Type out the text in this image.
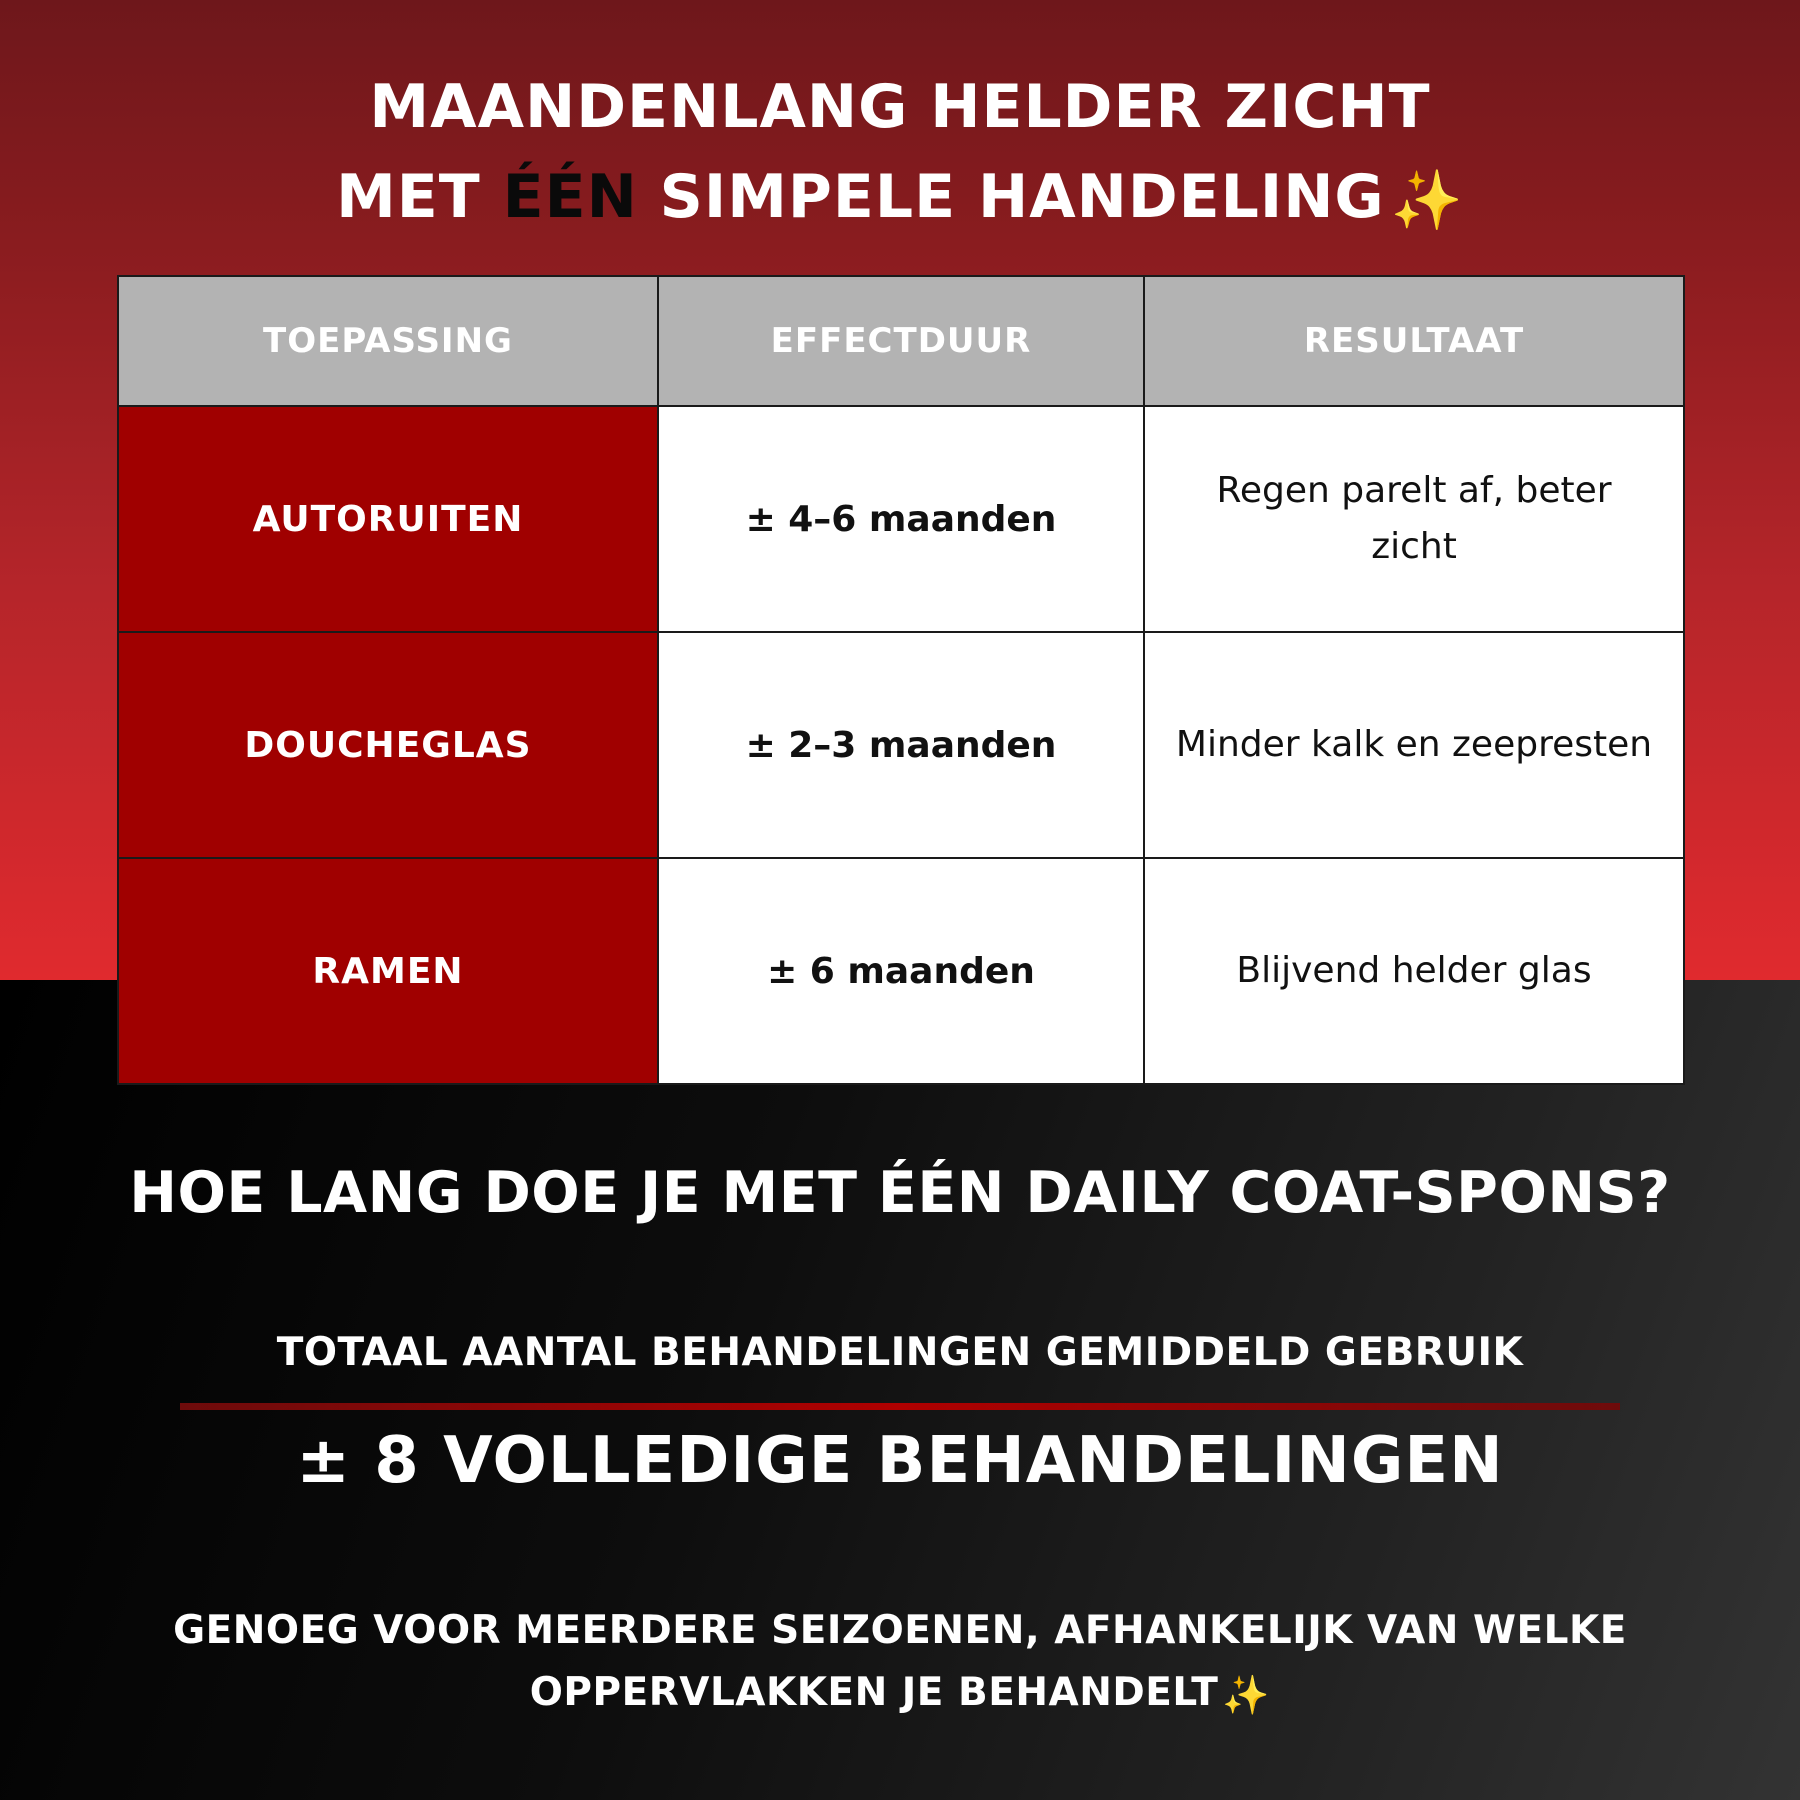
MAANDENLANG HELDER ZICHT
MET ÉÉN SIMPELE HANDELING ✨
TOEPASSING	EFFECTDUUR	RESULTAAT
AUTORUITEN	± 4–6 maanden	Regen parelt af, beter zicht
DOUCHEGLAS	± 2–3 maanden	Minder kalk en zeepresten
RAMEN	± 6 maanden	Blijvend helder glas
HOE LANG DOE JE MET ÉÉN DAILY COAT-SPONS?
TOTAAL AANTAL BEHANDELINGEN GEMIDDELD GEBRUIK
± 8 VOLLEDIGE BEHANDELINGEN
GENOEG VOOR MEERDERE SEIZOENEN, AFHANKELIJK VAN WELKE
OPPERVLAKKEN JE BEHANDELT ✨
